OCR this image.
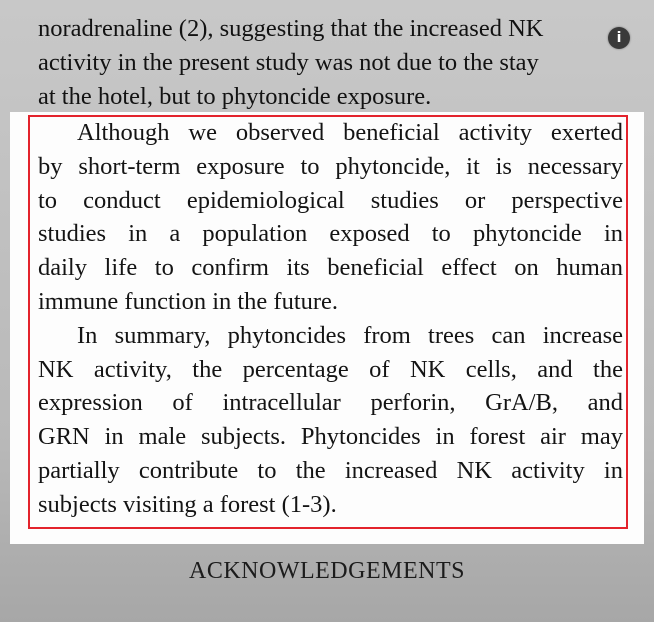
noradrenaline (2), suggesting that the increased NK
activity in the present study was not due to the stay
at the hotel, but to phytoncide exposure.
i
Although we observed beneficial activity exerted
by short-term exposure to phytoncide, it is necessary
to conduct epidemiological studies or perspective
studies in a population exposed to phytoncide in
daily life to confirm its beneficial effect on human
immune function in the future.
In summary, phytoncides from trees can increase
NK activity, the percentage of NK cells, and the
expression of intracellular perforin, GrA/B, and
GRN in male subjects. Phytoncides in forest air may
partially contribute to the increased NK activity in
subjects visiting a forest (1-3).
ACKNOWLEDGEMENTS
